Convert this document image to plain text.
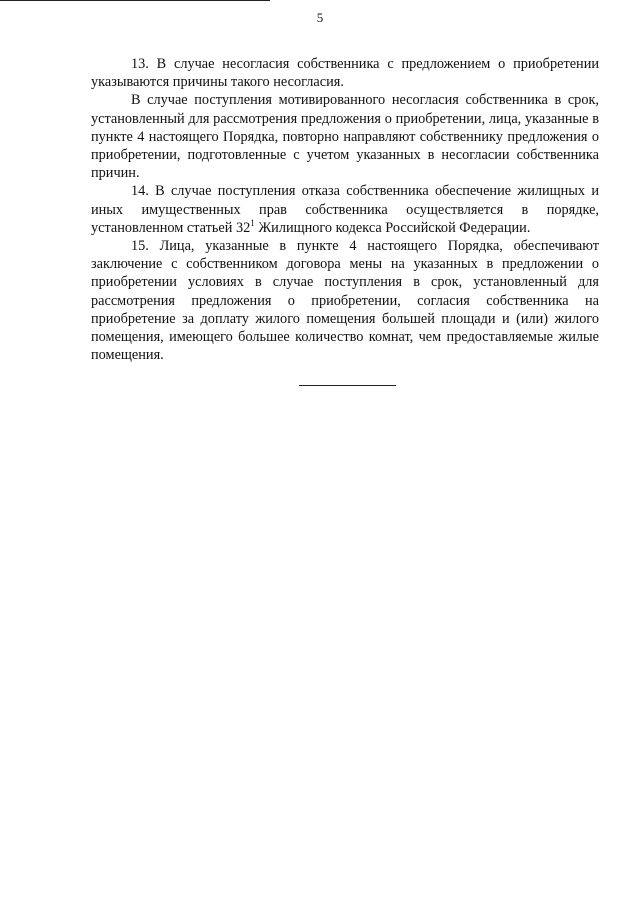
5

13. В случае несогласия собственника с предложением о приобретении указываются причины такого несогласия.

В случае поступления мотивированного несогласия собственника в срок, установленный для рассмотрения предложения о приобретении, лица, указанные в пункте 4 настоящего Порядка, повторно направляют собственнику предложения о приобретении, подготовленные с учетом указанных в несогласии собственника причин.

14. В случае поступления отказа собственника обеспечение жилищных и иных имущественных прав собственника осуществляется в порядке, установленном статьей $32^1$ Жилищного кодекса Российской Федерации.

15. Лица, указанные в пункте 4 настоящего Порядка, обеспечивают заключение с собственником договора мены на указанных в предложении о приобретении условиях в случае поступления в срок, установленный для рассмотрения предложения о приобретении, согласия собственника на приобретение за доплату жилого помещения большей площади и (или) жилого помещения, имеющего большее количество комнат, чем предоставляемые жилые помещения.
